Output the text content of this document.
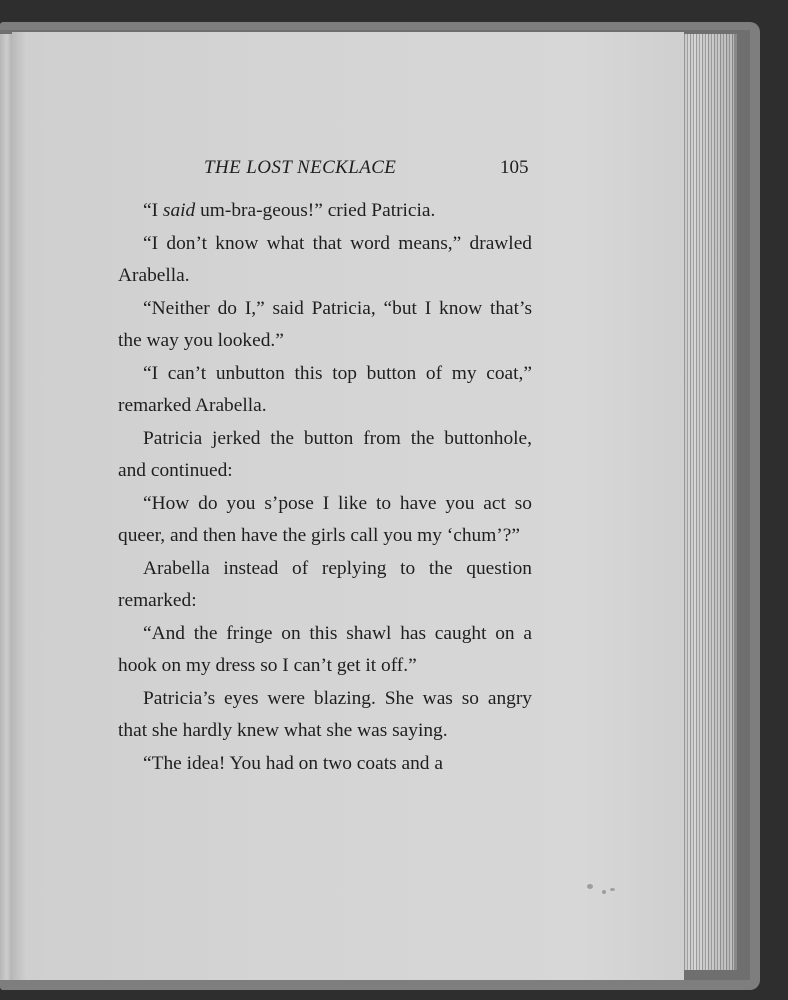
THE LOST NECKLACE	105

“I said um-bra-geous!” cried Patricia.

“I don’t know what that word means,” drawled Arabella.

“Neither do I,” said Patricia, “but I know that’s the way you looked.”

“I can’t unbutton this top button of my coat,” remarked Arabella.

Patricia jerked the button from the buttonhole, and continued:

“How do you s’pose I like to have you act so queer, and then have the girls call you my ‘chum’?”

Arabella instead of replying to the question remarked:

“And the fringe on this shawl has caught on a hook on my dress so I can’t get it off.”

Patricia’s eyes were blazing. She was so angry that she hardly knew what she was saying.

“The idea! You had on two coats and a
